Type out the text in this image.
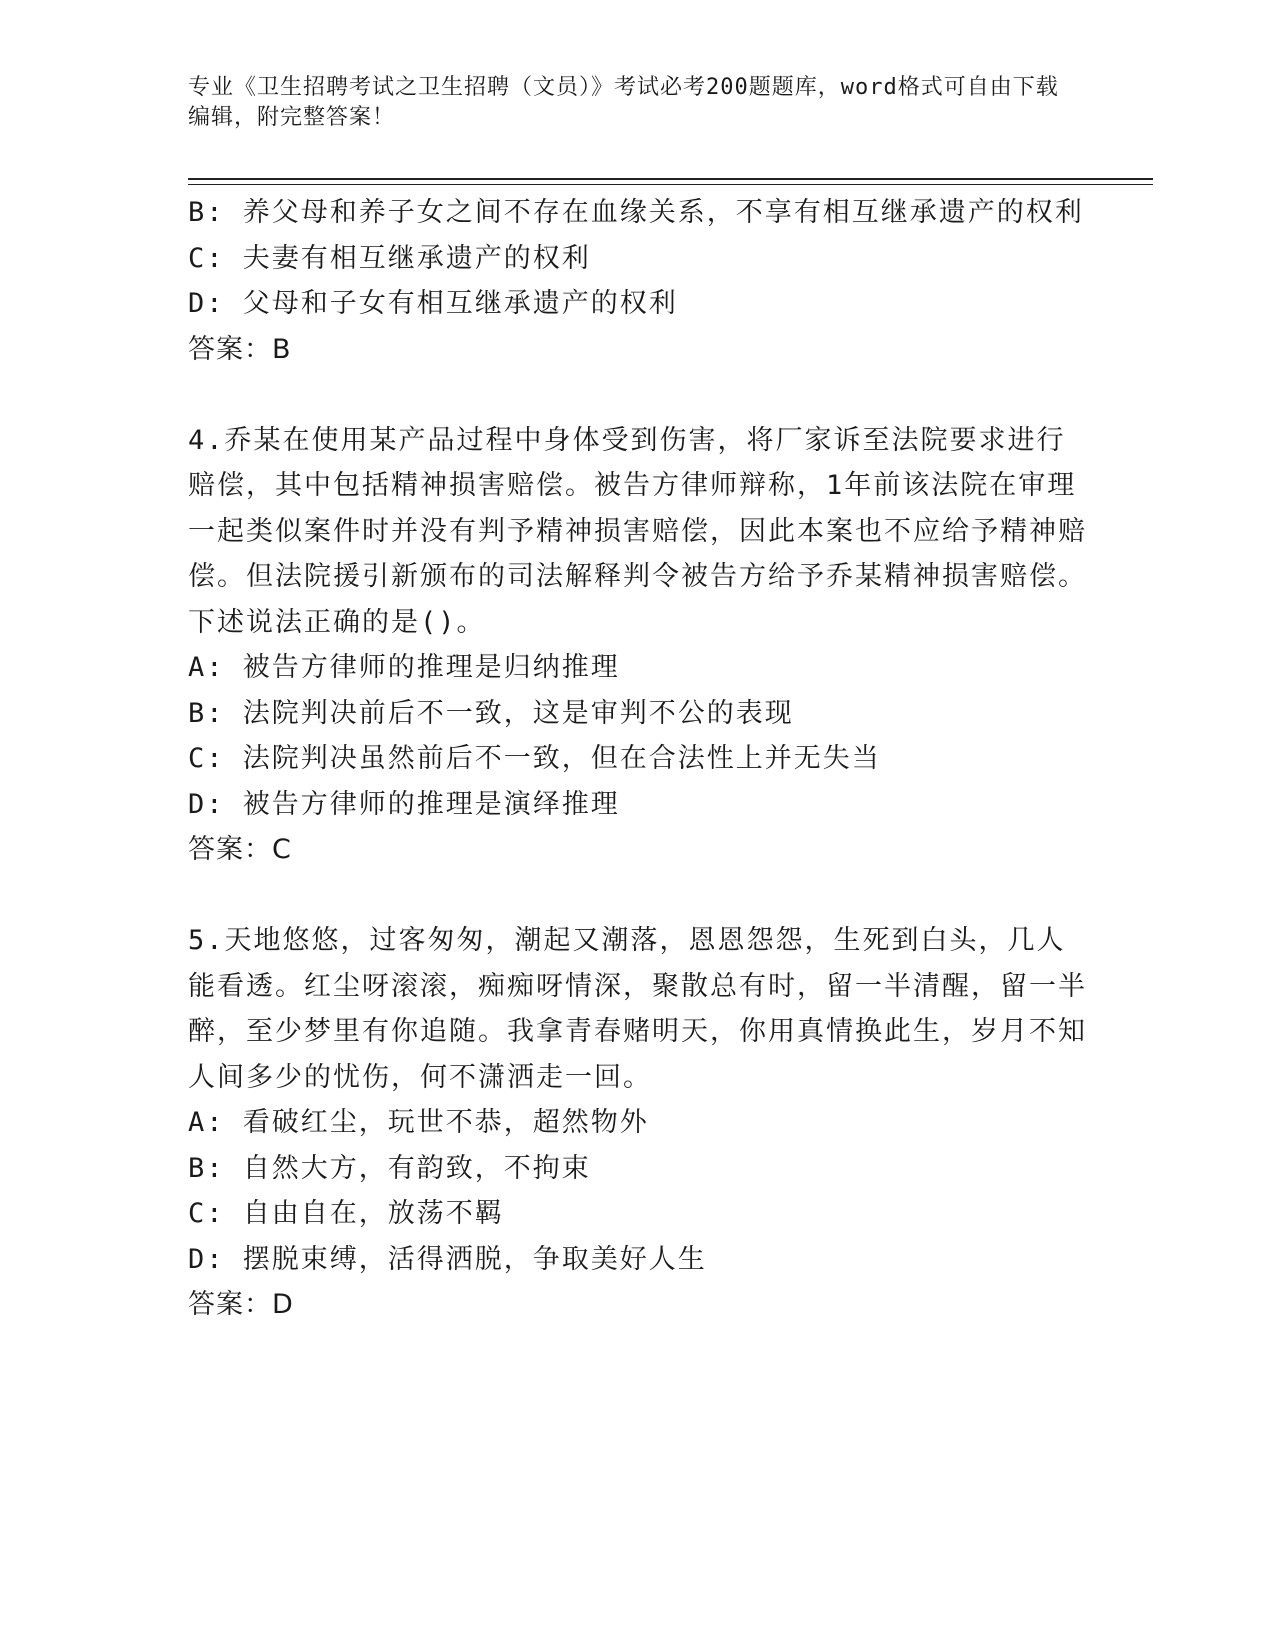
专业《卫生招聘考试之卫生招聘（文员）》考试必考200题题库，word格式可自由下载编辑，附完整答案！
B: 养父母和养子女之间不存在血缘关系，不享有相互继承遗产的权利
C: 夫妻有相互继承遗产的权利
D: 父母和子女有相互继承遗产的权利
答案：B
4.乔某在使用某产品过程中身体受到伤害，将厂家诉至法院要求进行赔偿，其中包括精神损害赔偿。被告方律师辩称，1年前该法院在审理一起类似案件时并没有判予精神损害赔偿，因此本案也不应给予精神赔偿。但法院援引新颁布的司法解释判令被告方给予乔某精神损害赔偿。下述说法正确的是()。
A: 被告方律师的推理是归纳推理
B: 法院判决前后不一致，这是审判不公的表现
C: 法院判决虽然前后不一致，但在合法性上并无失当
D: 被告方律师的推理是演绎推理
答案：C
5.天地悠悠，过客匆匆，潮起又潮落，恩恩怨怨，生死到白头，几人能看透。红尘呀滚滚，痴痴呀情深，聚散总有时，留一半清醒，留一半醉，至少梦里有你追随。我拿青春赌明天，你用真情换此生，岁月不知人间多少的忧伤，何不潇洒走一回。
A: 看破红尘，玩世不恭，超然物外
B: 自然大方，有韵致，不拘束
C: 自由自在，放荡不羁
D: 摆脱束缚，活得洒脱，争取美好人生
答案：D
